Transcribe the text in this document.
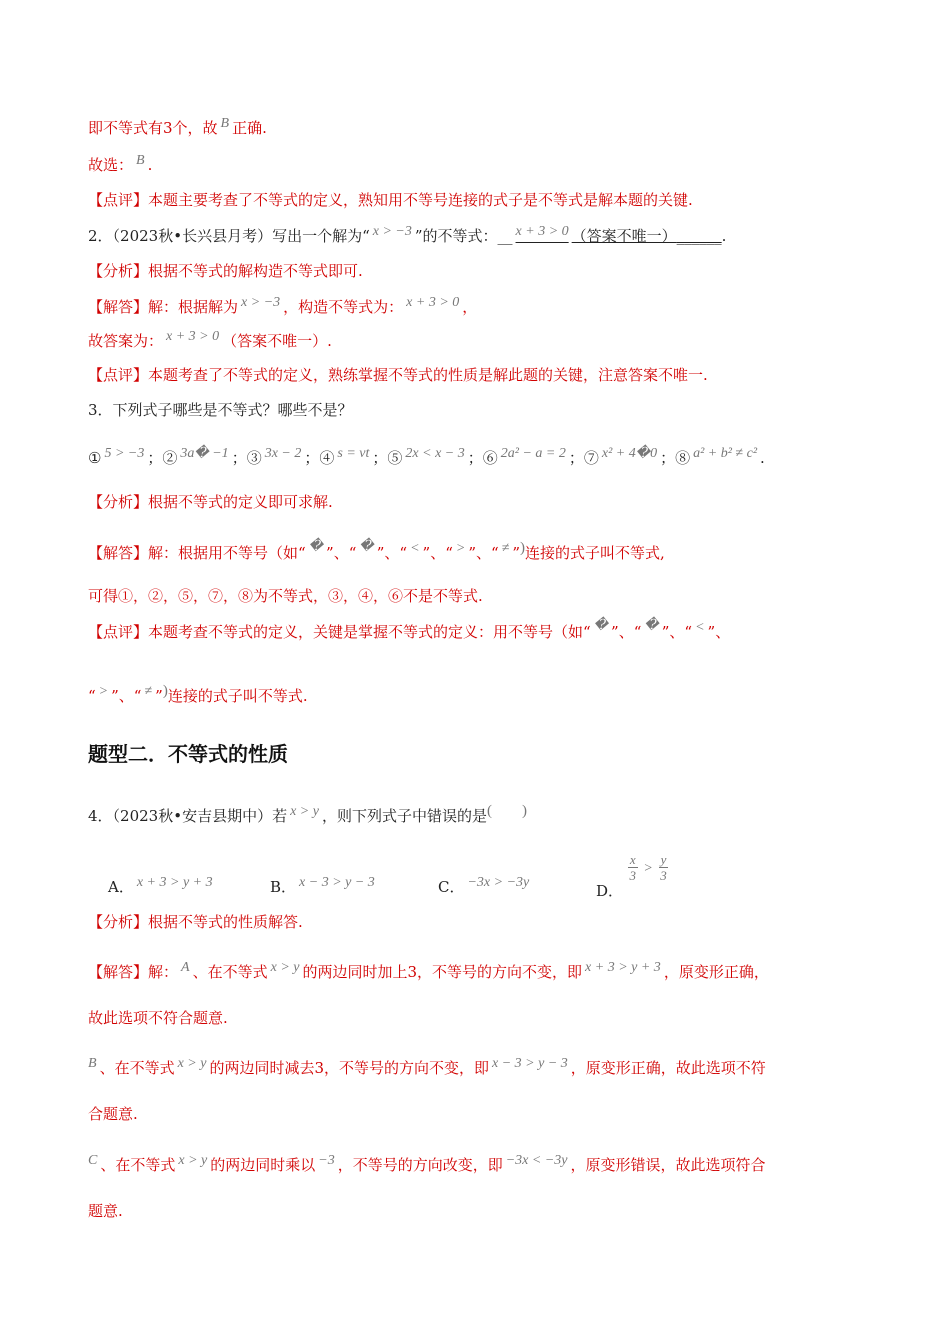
即不等式有3个，故 B 正确.
故选： B .
【点评】本题主要考查了不等式的定义，熟知用不等号连接的式子是不等式是解本题的关键.
2．（2023秋•长兴县月考）写出一个解为“ x > −3 ”的不等式：__ x + 3 > 0 （答案不唯一）______.
【分析】根据不等式的解构造不等式即可.
【解答】解：根据解为 x > −3 ，构造不等式为： x + 3 > 0 ，
故答案为： x + 3 > 0 （答案不唯一）.
【点评】本题考查了不等式的定义，熟练掌握不等式的性质是解此题的关键，注意答案不唯一.
3．下列式子哪些是不等式？哪些不是？
① 5 > −3 ；② 3a� −1 ；③ 3x − 2 ；④ s = vt ；⑤ 2x < x − 3 ；⑥ 2a² − a = 2 ；⑦ x² + 4�0 ；⑧ a² + b² ≠ c² .
【分析】根据不等式的定义即可求解.
【解答】解：根据用不等号（如“ � ”、“ � ”、“ < ”、“ > ”、“ ≠ ”)连接的式子叫不等式,
可得①，②，⑤，⑦，⑧为不等式，③，④，⑥不是不等式.
【点评】本题考查不等式的定义，关键是掌握不等式的定义：用不等号（如“ � ”、“ � ”、“ < ”、
“ > ”、“ ≠ ”)连接的式子叫不等式.
题型二．不等式的性质
4．（2023秋•安吉县期中）若 x > y ，则下列式子中错误的是(　　)
A． x + 3 > y + 3	B． x − 3 > y − 3	C． −3x > −3y	D．
$\frac{x}{3} > \frac{y}{3}$
【分析】根据不等式的性质解答.
【解答】解： A 、在不等式 x > y 的两边同时加上3，不等号的方向不变，即 x + 3 > y + 3 ，原变形正确，
故此选项不符合题意.
B 、在不等式 x > y 的两边同时减去3，不等号的方向不变，即 x − 3 > y − 3 ，原变形正确，故此选项不符
合题意.
C 、在不等式 x > y 的两边同时乘以 −3 ，不等号的方向改变，即 −3x < −3y ，原变形错误，故此选项符合
题意.
